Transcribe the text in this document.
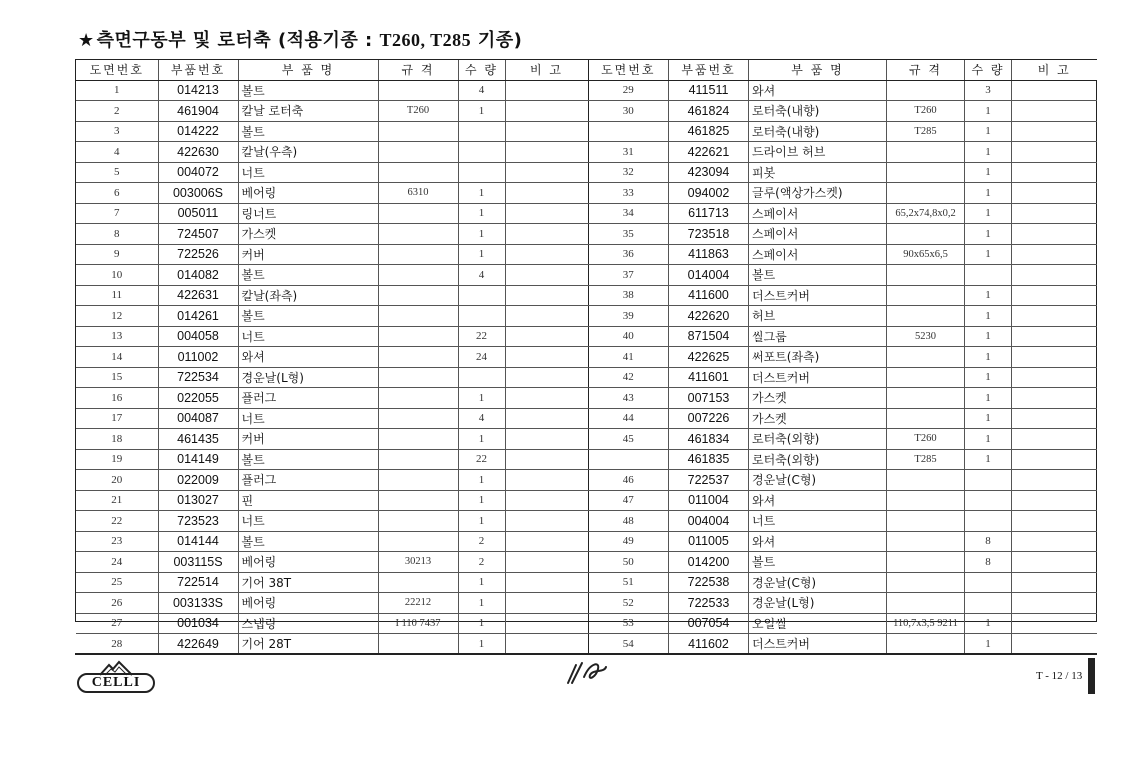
★ 측면구동부 및 로터축 (적용기종 : T260, T285 기종)
도면번호	부품번호	부 품 명	규 격	수 량	비 고
1	014213	볼트		4	
2	461904	칼날 로터축	T260	1	
3	014222	볼트			
4	422630	칼날(우측)			
5	004072	너트			
6	003006S	베어링	6310	1	
7	005011	링너트		1	
8	724507	가스켓		1	
9	722526	커버		1	
10	014082	볼트		4	
11	422631	칼날(좌측)			
12	014261	볼트			
13	004058	너트		22	
14	011002	와셔		24	
15	722534	경운날(L형)			
16	022055	플러그		1	
17	004087	너트		4	
18	461435	커버		1	
19	014149	볼트		22	
20	022009	플러그		1	
21	013027	핀		1	
22	723523	너트		1	
23	014144	볼트		2	
24	003115S	베어링	30213	2	
25	722514	기어 38T		1	
26	003133S	베어링	22212	1	
27	001034	스냅링	I 110 7437	1	
28	422649	기어 28T		1	
도면번호	부품번호	부 품 명	규 격	수 량	비 고
29	411511	와셔		3	
30	461824	로터축(내향)	T260	1	
	461825	로터축(내향)	T285	1	
31	422621	드라이브 허브		1	
32	423094	피봇		1	
33	094002	글루(액상가스켓)		1	
34	611713	스페이서	65,2x74,8x0,2	1	
35	723518	스페이서		1	
36	411863	스페이서	90x65x6,5	1	
37	014004	볼트			
38	411600	더스트커버		1	
39	422620	허브		1	
40	871504	씰그룹	5230	1	
41	422625	써포트(좌측)		1	
42	411601	더스트커버		1	
43	007153	가스켓		1	
44	007226	가스켓		1	
45	461834	로터축(외향)	T260	1	
	461835	로터축(외향)	T285	1	
46	722537	경운날(C형)			
47	011004	와셔			
48	004004	너트			
49	011005	와셔		8	
50	014200	볼트		8	
51	722538	경운날(C형)			
52	722533	경운날(L형)			
53	007054	오일씰	110,7x3,5 9211	1	
54	411602	더스트커버		1	
CELLI	T - 12 / 13
